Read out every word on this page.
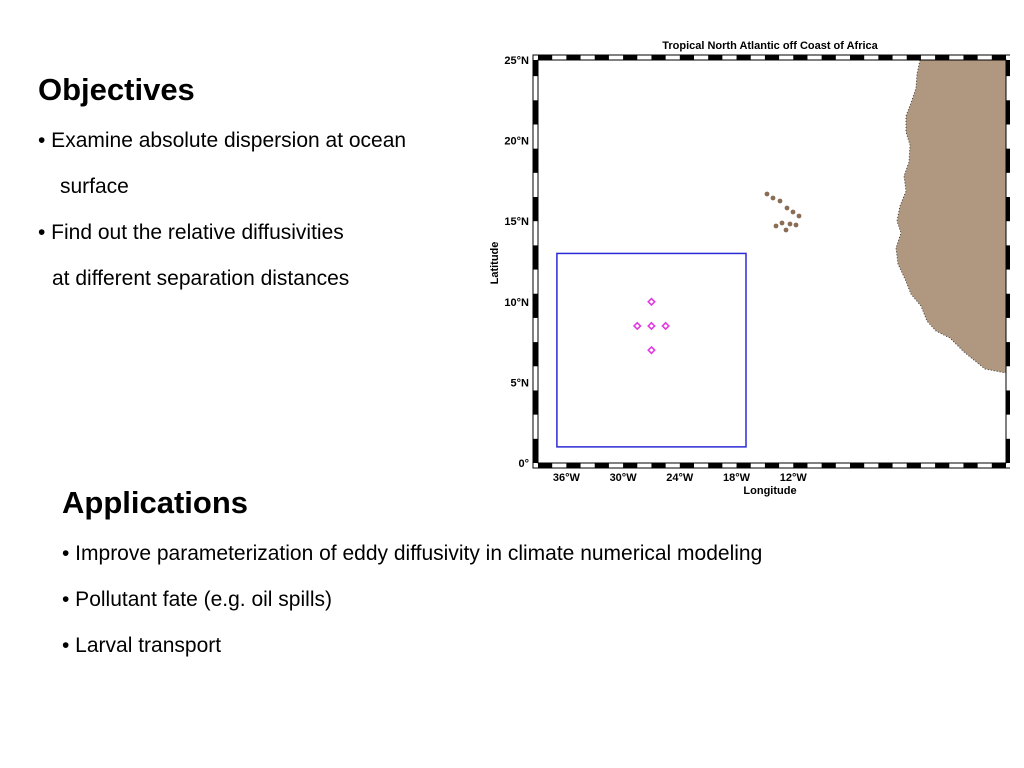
Objectives

• Examine absolute dispersion at ocean

surface

• Find out the relative diffusivities

at different separation distances

Tropical North Atlantic off Coast of Africa
0°
5°N
10°N
15°N
20°N
25°N
36°W	30°W	24°W	18°W	12°W
Longitude
Latitude
Applications

• Improve parameterization of eddy diffusivity in climate numerical modeling

• Pollutant fate (e.g. oil spills)

• Larval transport
